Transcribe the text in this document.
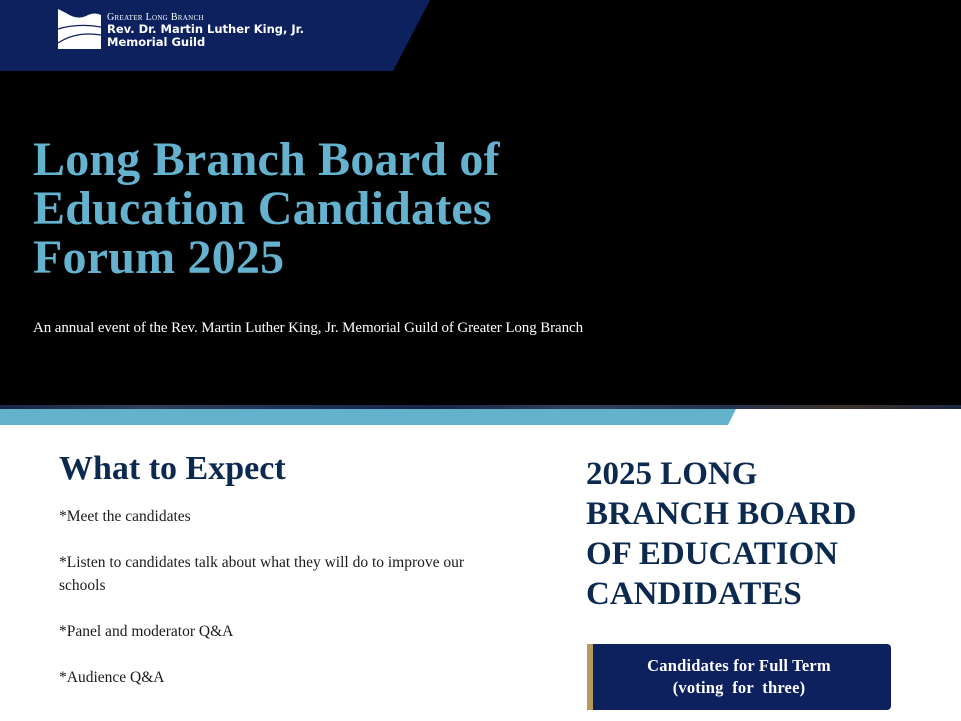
Greater Long Branch
Rev. Dr. Martin Luther King, Jr.
Memorial Guild
Long Branch Board of
Education Candidates
Forum 2025
An annual event of the Rev. Martin Luther King, Jr. Memorial Guild of Greater Long Branch
What to Expect
*Meet the candidates
*Listen to candidates talk about what they will do to improve our schools
*Panel and moderator Q&A
*Audience Q&A
2025 LONG
BRANCH BOARD
OF EDUCATION
CANDIDATES
Candidates for Full Term
(voting  for  three)
